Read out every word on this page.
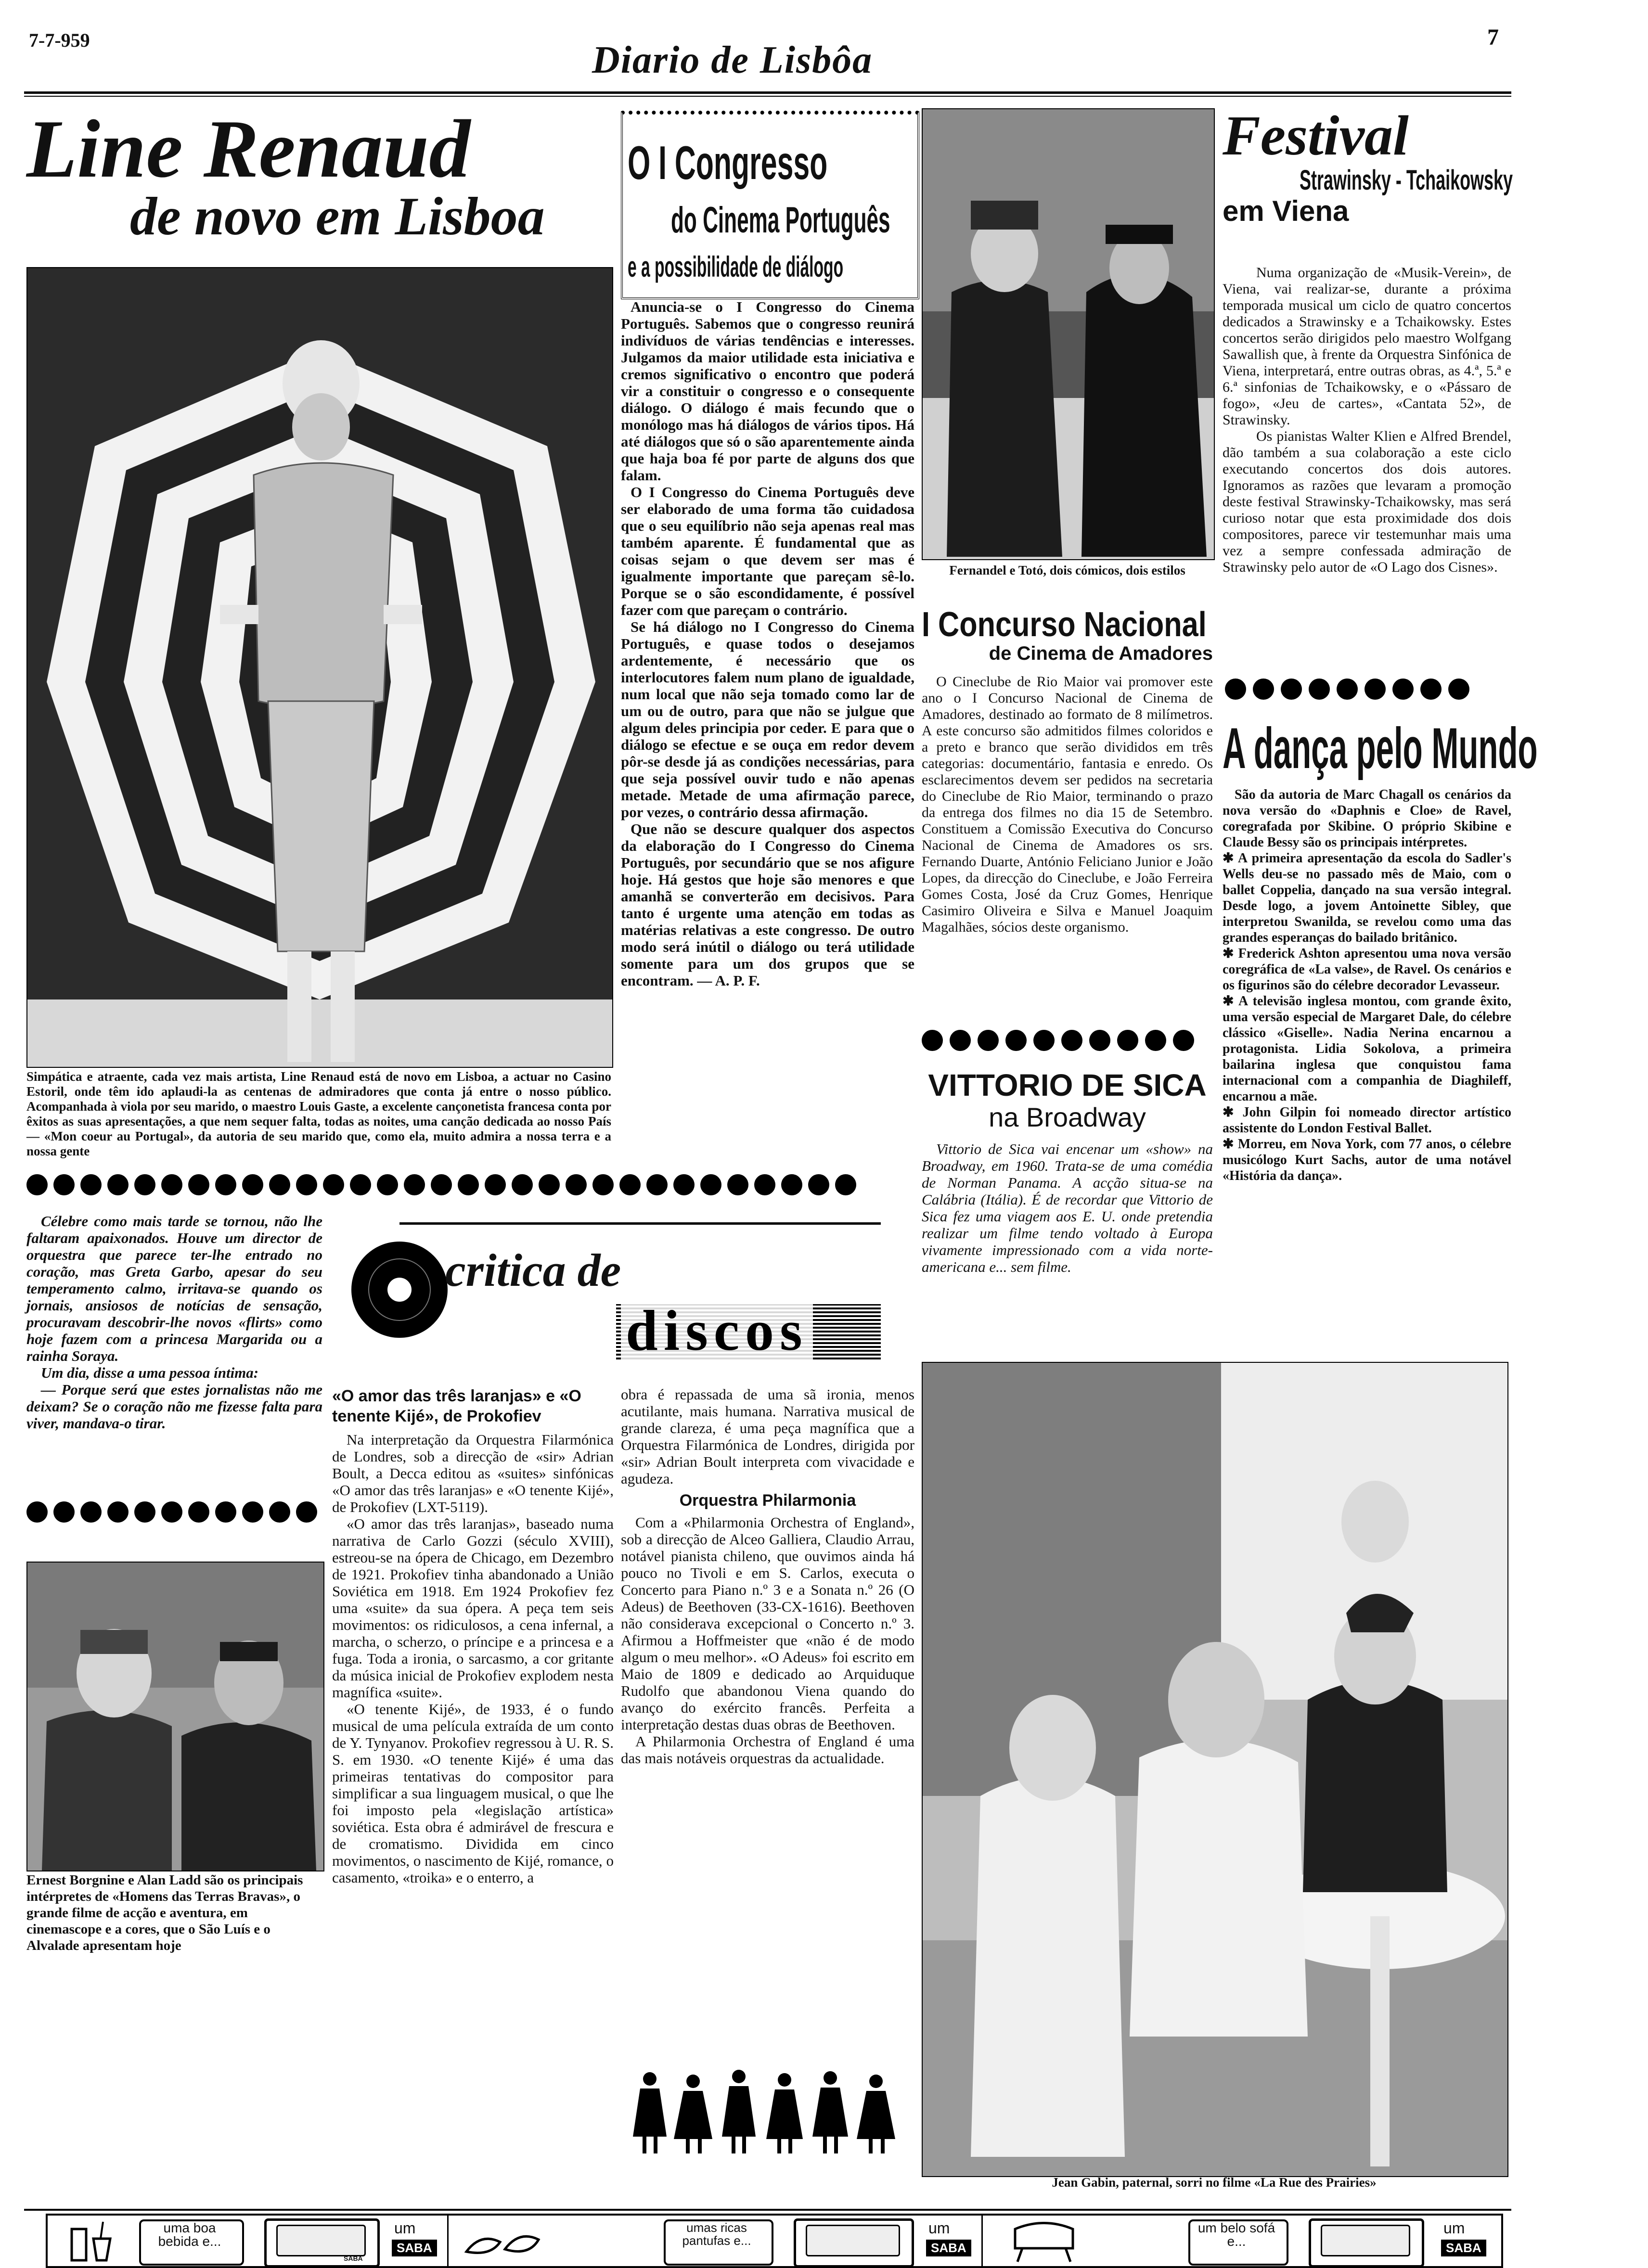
7-7-959	Diario de Lisbôa
7
Line Renaud
de novo em Lisboa
Simpática e atraente, cada vez mais artista, Line Renaud está de novo em Lisboa, a actuar no Casino Estoril, onde têm ido aplaudi-la as centenas de admiradores que conta já entre o nosso público. Acompanhada à viola por seu marido, o maestro Louis Gaste, a excelente cançonetista francesa conta por êxitos as suas apresentações, a que nem sequer falta, todas as noites, uma canção dedicada ao nosso País — «Mon coeur au Portugal», da autoria de seu marido que, como ela, muito admira a nossa terra e a nossa gente
O I Congresso
do Cinema Português
e a possibilidade de diálogo

Anuncia-se o I Congresso do Cinema Português. Sabemos que o congresso reunirá indivíduos de várias tendências e interesses. Julgamos da maior utilidade esta iniciativa e cremos significativo o encontro que poderá vir a constituir o congresso e o consequente diálogo. O diálogo é mais fecundo que o monólogo mas há diálogos de vários tipos. Há até diálogos que só o são aparentemente ainda que haja boa fé por parte de alguns dos que falam.

O I Congresso do Cinema Português deve ser elaborado de uma forma tão cuidadosa que o seu equilíbrio não seja apenas real mas também aparente. É fundamental que as coisas sejam o que devem ser mas é igualmente importante que pareçam sê-lo. Porque se o são escondidamente, é possível fazer com que pareçam o contrário.

Se há diálogo no I Congresso do Cinema Português, e quase todos o desejamos ardentemente, é necessário que os interlocutores falem num plano de igualdade, num local que não seja tomado como lar de um ou de outro, para que não se julgue que algum deles principia por ceder. E para que o diálogo se efectue e se ouça em redor devem pôr-se desde já as condições necessárias, para que seja possível ouvir tudo e não apenas metade. Metade de uma afirmação parece, por vezes, o contrário dessa afirmação.

Que não se descure qualquer dos aspectos da elaboração do I Congresso do Cinema Português, por secundário que se nos afigure hoje. Há gestos que hoje são menores e que amanhã se converterão em decisivos. Para tanto é urgente uma atenção em todas as matérias relativas a este congresso. De outro modo será inútil o diálogo ou terá utilidade somente para um dos grupos que se encontram. — A. P. F.

Fernandel e Totó, dois cómicos, dois estilos
I Concurso Nacional
de Cinema de Amadores
O Cineclube de Rio Maior vai promover este ano o I Concurso Nacional de Cinema de Amadores, destinado ao formato de 8 milímetros. A este concurso são admitidos filmes coloridos e a preto e branco que serão divididos em três categorias: documentário, fantasia e enredo. Os esclarecimentos devem ser pedidos na secretaria do Cineclube de Rio Maior, terminando o prazo da entrega dos filmes no dia 15 de Setembro. Constituem a Comissão Executiva do Concurso Nacional de Cinema de Amadores os srs. Fernando Duarte, António Feliciano Junior e João Lopes, da direcção do Cineclube, e João Ferreira Gomes Costa, José da Cruz Gomes, Henrique Casimiro Oliveira e Silva e Manuel Joaquim Magalhães, sócios deste organismo.
VITTORIO DE SICA
na Broadway
Vittorio de Sica vai encenar um «show» na Broadway, em 1960. Trata-se de uma comédia de Norman Panama. A acção situa-se na Calábria (Itália). É de recordar que Vittorio de Sica fez uma viagem aos E. U. onde pretendia realizar um filme tendo voltado à Europa vivamente impressionado com a vida norte-americana e... sem filme.
Festival
Strawinsky - Tchaikowsky
em Viena

Numa organização de «Musik-Verein», de Viena, vai realizar-se, durante a próxima temporada musical um ciclo de quatro concertos dedicados a Strawinsky e a Tchaikowsky. Estes concertos serão dirigidos pelo maestro Wolfgang Sawallish que, à frente da Orquestra Sinfónica de Viena, interpretará, entre outras obras, as 4.ª, 5.ª e 6.ª sinfonias de Tchaikowsky, e o «Pássaro de fogo», «Jeu de cartes», «Cantata 52», de Strawinsky.

Os pianistas Walter Klien e Alfred Brendel, dão também a sua colaboração a este ciclo executando concertos dos dois autores. Ignoramos as razões que levaram a promoção deste festival Strawinsky-Tchaikowsky, mas será curioso notar que esta proximidade dos dois compositores, parece vir testemunhar mais uma vez a sempre confessada admiração de Strawinsky pelo autor de «O Lago dos Cisnes».

A dança pelo Mundo

São da autoria de Marc Chagall os cenários da nova versão do «Daphnis e Cloe» de Ravel, coregrafada por Skibine. O próprio Skibine e Claude Bessy são os principais intérpretes.

✱ A primeira apresentação da escola do Sadler's Wells deu-se no passado mês de Maio, com o ballet Coppelia, dançado na sua versão integral. Desde logo, a jovem Antoinette Sibley, que interpretou Swanilda, se revelou como uma das grandes esperanças do bailado britânico.

✱ Frederick Ashton apresentou uma nova versão coregráfica de «La valse», de Ravel. Os cenários e os figurinos são do célebre decorador Levasseur.

✱ A televisão inglesa montou, com grande êxito, uma versão especial de Margaret Dale, do célebre clássico «Giselle». Nadia Nerina encarnou a protagonista. Lidia Sokolova, a primeira bailarina inglesa que conquistou fama internacional com a companhia de Diaghileff, encarnou a mãe.

✱ John Gilpin foi nomeado director artístico assistente do London Festival Ballet.

✱ Morreu, em Nova York, com 77 anos, o célebre musicólogo Kurt Sachs, autor de uma notável «História da dança».

Célebre como mais tarde se tornou, não lhe faltaram apaixonados. Houve um director de orquestra que parece ter-lhe entrado no coração, mas Greta Garbo, apesar do seu temperamento calmo, irritava-se quando os jornais, ansiosos de notícias de sensação, procuravam descobrir-lhe novos «flirts» como hoje fazem com a princesa Margarida ou a rainha Soraya.

Um dia, disse a uma pessoa íntima:

— Porque será que estes jornalistas não me deixam? Se o coração não me fizesse falta para viver, mandava-o tirar.

Ernest Borgnine e Alan Ladd são os principais intérpretes de «Homens das Terras Bravas», o grande filme de acção e aventura, em cinemascope e a cores, que o São Luís e o Alvalade apresentam hoje
critica de
discos
«O amor das três laranjas» e «O tenente Kijé», de Prokofiev

Na interpretação da Orquestra Filarmónica de Londres, sob a direcção de «sir» Adrian Boult, a Decca editou as «suites» sinfónicas «O amor das três laranjas» e «O tenente Kijé», de Prokofiev (LXT-5119).

«O amor das três laranjas», baseado numa narrativa de Carlo Gozzi (século XVIII), estreou-se na ópera de Chicago, em Dezembro de 1921. Prokofiev tinha abandonado a União Soviética em 1918. Em 1924 Prokofiev fez uma «suite» da sua ópera. A peça tem seis movimentos: os ridiculosos, a cena infernal, a marcha, o scherzo, o príncipe e a princesa e a fuga. Toda a ironia, o sarcasmo, a cor gritante da música inicial de Prokofiev explodem nesta magnífica «suite».

«O tenente Kijé», de 1933, é o fundo musical de uma película extraída de um conto de Y. Tynyanov. Prokofiev regressou à U. R. S. S. em 1930. «O tenente Kijé» é uma das primeiras tentativas do compositor para simplificar a sua linguagem musical, o que lhe foi imposto pela «legislação artística» soviética. Esta obra é admirável de frescura e de cromatismo. Dividida em cinco movimentos, o nascimento de Kijé, romance, o casamento, «troika» e o enterro, a

obra é repassada de uma sã ironia, menos acutilante, mais humana. Narrativa musical de grande clareza, é uma peça magnífica que a Orquestra Filarmónica de Londres, dirigida por «sir» Adrian Boult interpreta com vivacidade e agudeza.

Orquestra Philarmonia

Com a «Philarmonia Orchestra of England», sob a direcção de Alceo Galliera, Claudio Arrau, notável pianista chileno, que ouvimos ainda há pouco no Tivoli e em S. Carlos, executa o Concerto para Piano n.º 3 e a Sonata n.º 26 (O Adeus) de Beethoven (33-CX-1616). Beethoven não considerava excepcional o Concerto n.º 3. Afirmou a Hoffmeister que «não é de modo algum o meu melhor». «O Adeus» foi escrito em Maio de 1809 e dedicado ao Arquiduque Rudolfo que abandonou Viena quando do avanço do exército francês. Perfeita a interpretação destas duas obras de Beethoven.

A Philarmonia Orchestra of England é uma das mais notáveis orquestras da actualidade.

Jean Gabin, paternal, sorri no filme «La Rue des Prairies»
uma boa bebida e...
SABA
um
SABA
umas ricas pantufas e...
um
SABA
um belo sofá e...
um
SABA
